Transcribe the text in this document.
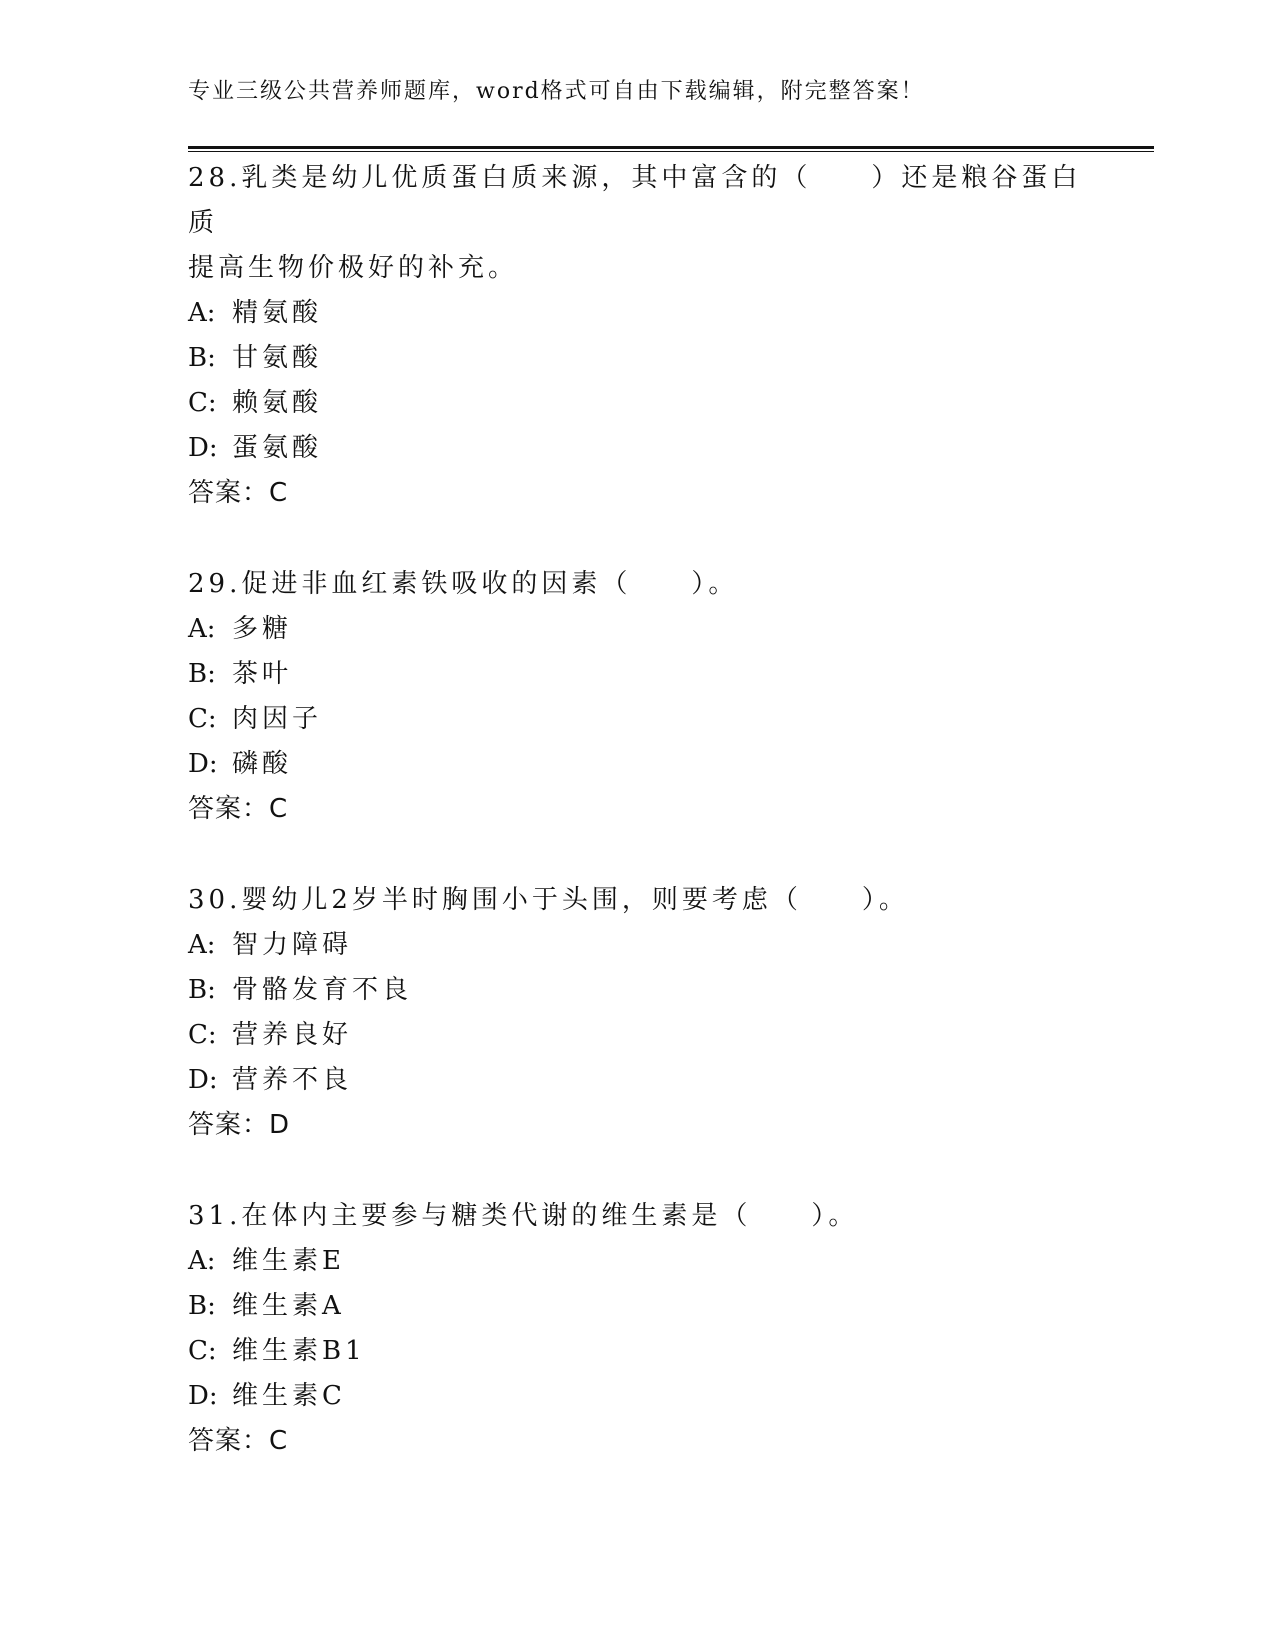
专业三级公共营养师题库，word格式可自由下载编辑，附完整答案！

28.乳类是幼儿优质蛋白质来源，其中富含的（　　）还是粮谷蛋白质
提高生物价极好的补充。

A: 精氨酸
B: 甘氨酸
C: 赖氨酸
D: 蛋氨酸
答案：C

29.促进非血红素铁吸收的因素（　　）。

A: 多糖
B: 茶叶
C: 肉因子
D: 磷酸
答案：C

30.婴幼儿2岁半时胸围小于头围，则要考虑（　　）。

A: 智力障碍
B: 骨骼发育不良
C: 营养良好
D: 营养不良
答案：D

31.在体内主要参与糖类代谢的维生素是（　　）。

A: 维生素E
B: 维生素A
C: 维生素B1
D: 维生素C
答案：C
